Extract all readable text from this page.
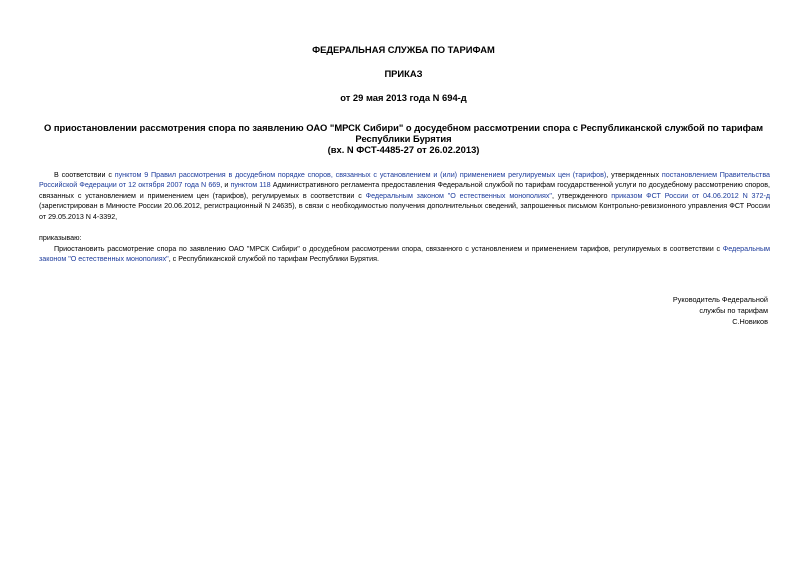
ФЕДЕРАЛЬНАЯ СЛУЖБА ПО ТАРИФАМ
ПРИКАЗ
от 29 мая 2013 года N 694-д
О приостановлении рассмотрения спора по заявлению ОАО "МРСК Сибири" о досудебном рассмотрении спора с Республиканской службой по тарифам
Республики Бурятия
(вх. N ФСТ-4485-27 от 26.02.2013)
В соответствии с пунктом 9 Правил рассмотрения в досудебном порядке споров, связанных с установлением и (или) применением регулируемых цен (тарифов), утвержденных постановлением Правительства Российской Федерации от 12 октября 2007 года N 669, и пунктом 118 Административного регламента предоставления Федеральной службой по тарифам государственной услуги по досудебному рассмотрению споров, связанных с установлением и применением цен (тарифов), регулируемых в соответствии с Федеральным законом "О естественных монополиях", утвержденного приказом ФСТ России от 04.06.2012 N 372-д (зарегистрирован в Минюсте России 20.06.2012, регистрационный N 24635), в связи с необходимостью получения дополнительных сведений, запрошенных письмом Контрольно-ревизионного управления ФСТ России от 29.05.2013 N 4-3392,
приказываю:
Приостановить рассмотрение спора по заявлению ОАО "МРСК Сибири" о досудебном рассмотрении спора, связанного с установлением и применением тарифов, регулируемых в соответствии с Федеральным законом "О естественных монополиях", с Республиканской службой по тарифам Республики Бурятия.
Руководитель Федеральной
службы по тарифам
С.Новиков
